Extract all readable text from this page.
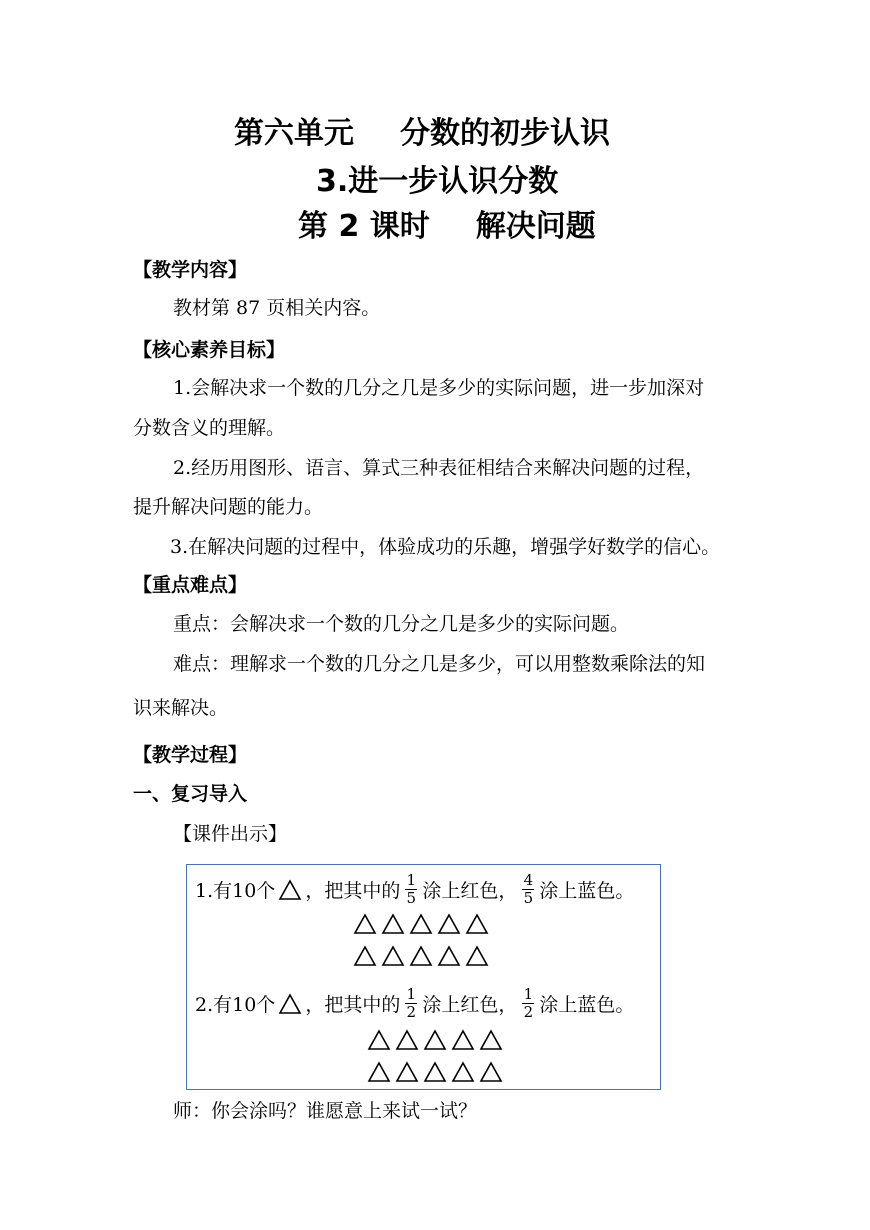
第六单元 分数的初步认识
3.进一步认识分数
第 2 课时 解决问题
【教学内容】
教材第 87 页相关内容。
【核心素养目标】
1.会解决求一个数的几分之几是多少的实际问题，进一步加深对
分数含义的理解。
2.经历用图形、语言、算式三种表征相结合来解决问题的过程，
提升解决问题的能力。
3.在解决问题的过程中，体验成功的乐趣，增强学好数学的信心。
【重点难点】
重点：会解决求一个数的几分之几是多少的实际问题。
难点：理解求一个数的几分之几是多少，可以用整数乘除法的知
识来解决。
【教学过程】
一、复习导入
【课件出示】
1.有10个 ，把其中的 $\frac{1}{5}$ 涂上红色， $\frac{4}{5}$ 涂上蓝色。
2.有10个 ，把其中的 $\frac{1}{2}$ 涂上红色， $\frac{1}{2}$ 涂上蓝色。
师：你会涂吗？谁愿意上来试一试？
